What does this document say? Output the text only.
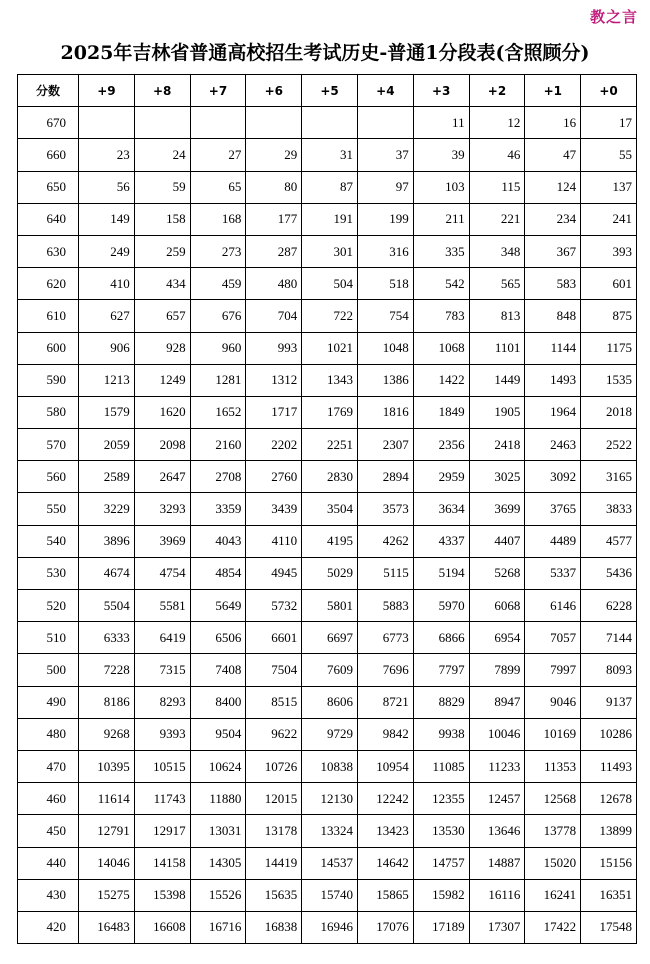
教之言
2025年吉林省普通高校招生考试历史-普通1分段表(含照顾分)
分数	+9	+8	+7	+6	+5	+4	+3	+2	+1	+0
670							11	12	16	17
660	23	24	27	29	31	37	39	46	47	55
650	56	59	65	80	87	97	103	115	124	137
640	149	158	168	177	191	199	211	221	234	241
630	249	259	273	287	301	316	335	348	367	393
620	410	434	459	480	504	518	542	565	583	601
610	627	657	676	704	722	754	783	813	848	875
600	906	928	960	993	1021	1048	1068	1101	1144	1175
590	1213	1249	1281	1312	1343	1386	1422	1449	1493	1535
580	1579	1620	1652	1717	1769	1816	1849	1905	1964	2018
570	2059	2098	2160	2202	2251	2307	2356	2418	2463	2522
560	2589	2647	2708	2760	2830	2894	2959	3025	3092	3165
550	3229	3293	3359	3439	3504	3573	3634	3699	3765	3833
540	3896	3969	4043	4110	4195	4262	4337	4407	4489	4577
530	4674	4754	4854	4945	5029	5115	5194	5268	5337	5436
520	5504	5581	5649	5732	5801	5883	5970	6068	6146	6228
510	6333	6419	6506	6601	6697	6773	6866	6954	7057	7144
500	7228	7315	7408	7504	7609	7696	7797	7899	7997	8093
490	8186	8293	8400	8515	8606	8721	8829	8947	9046	9137
480	9268	9393	9504	9622	9729	9842	9938	10046	10169	10286
470	10395	10515	10624	10726	10838	10954	11085	11233	11353	11493
460	11614	11743	11880	12015	12130	12242	12355	12457	12568	12678
450	12791	12917	13031	13178	13324	13423	13530	13646	13778	13899
440	14046	14158	14305	14419	14537	14642	14757	14887	15020	15156
430	15275	15398	15526	15635	15740	15865	15982	16116	16241	16351
420	16483	16608	16716	16838	16946	17076	17189	17307	17422	17548
